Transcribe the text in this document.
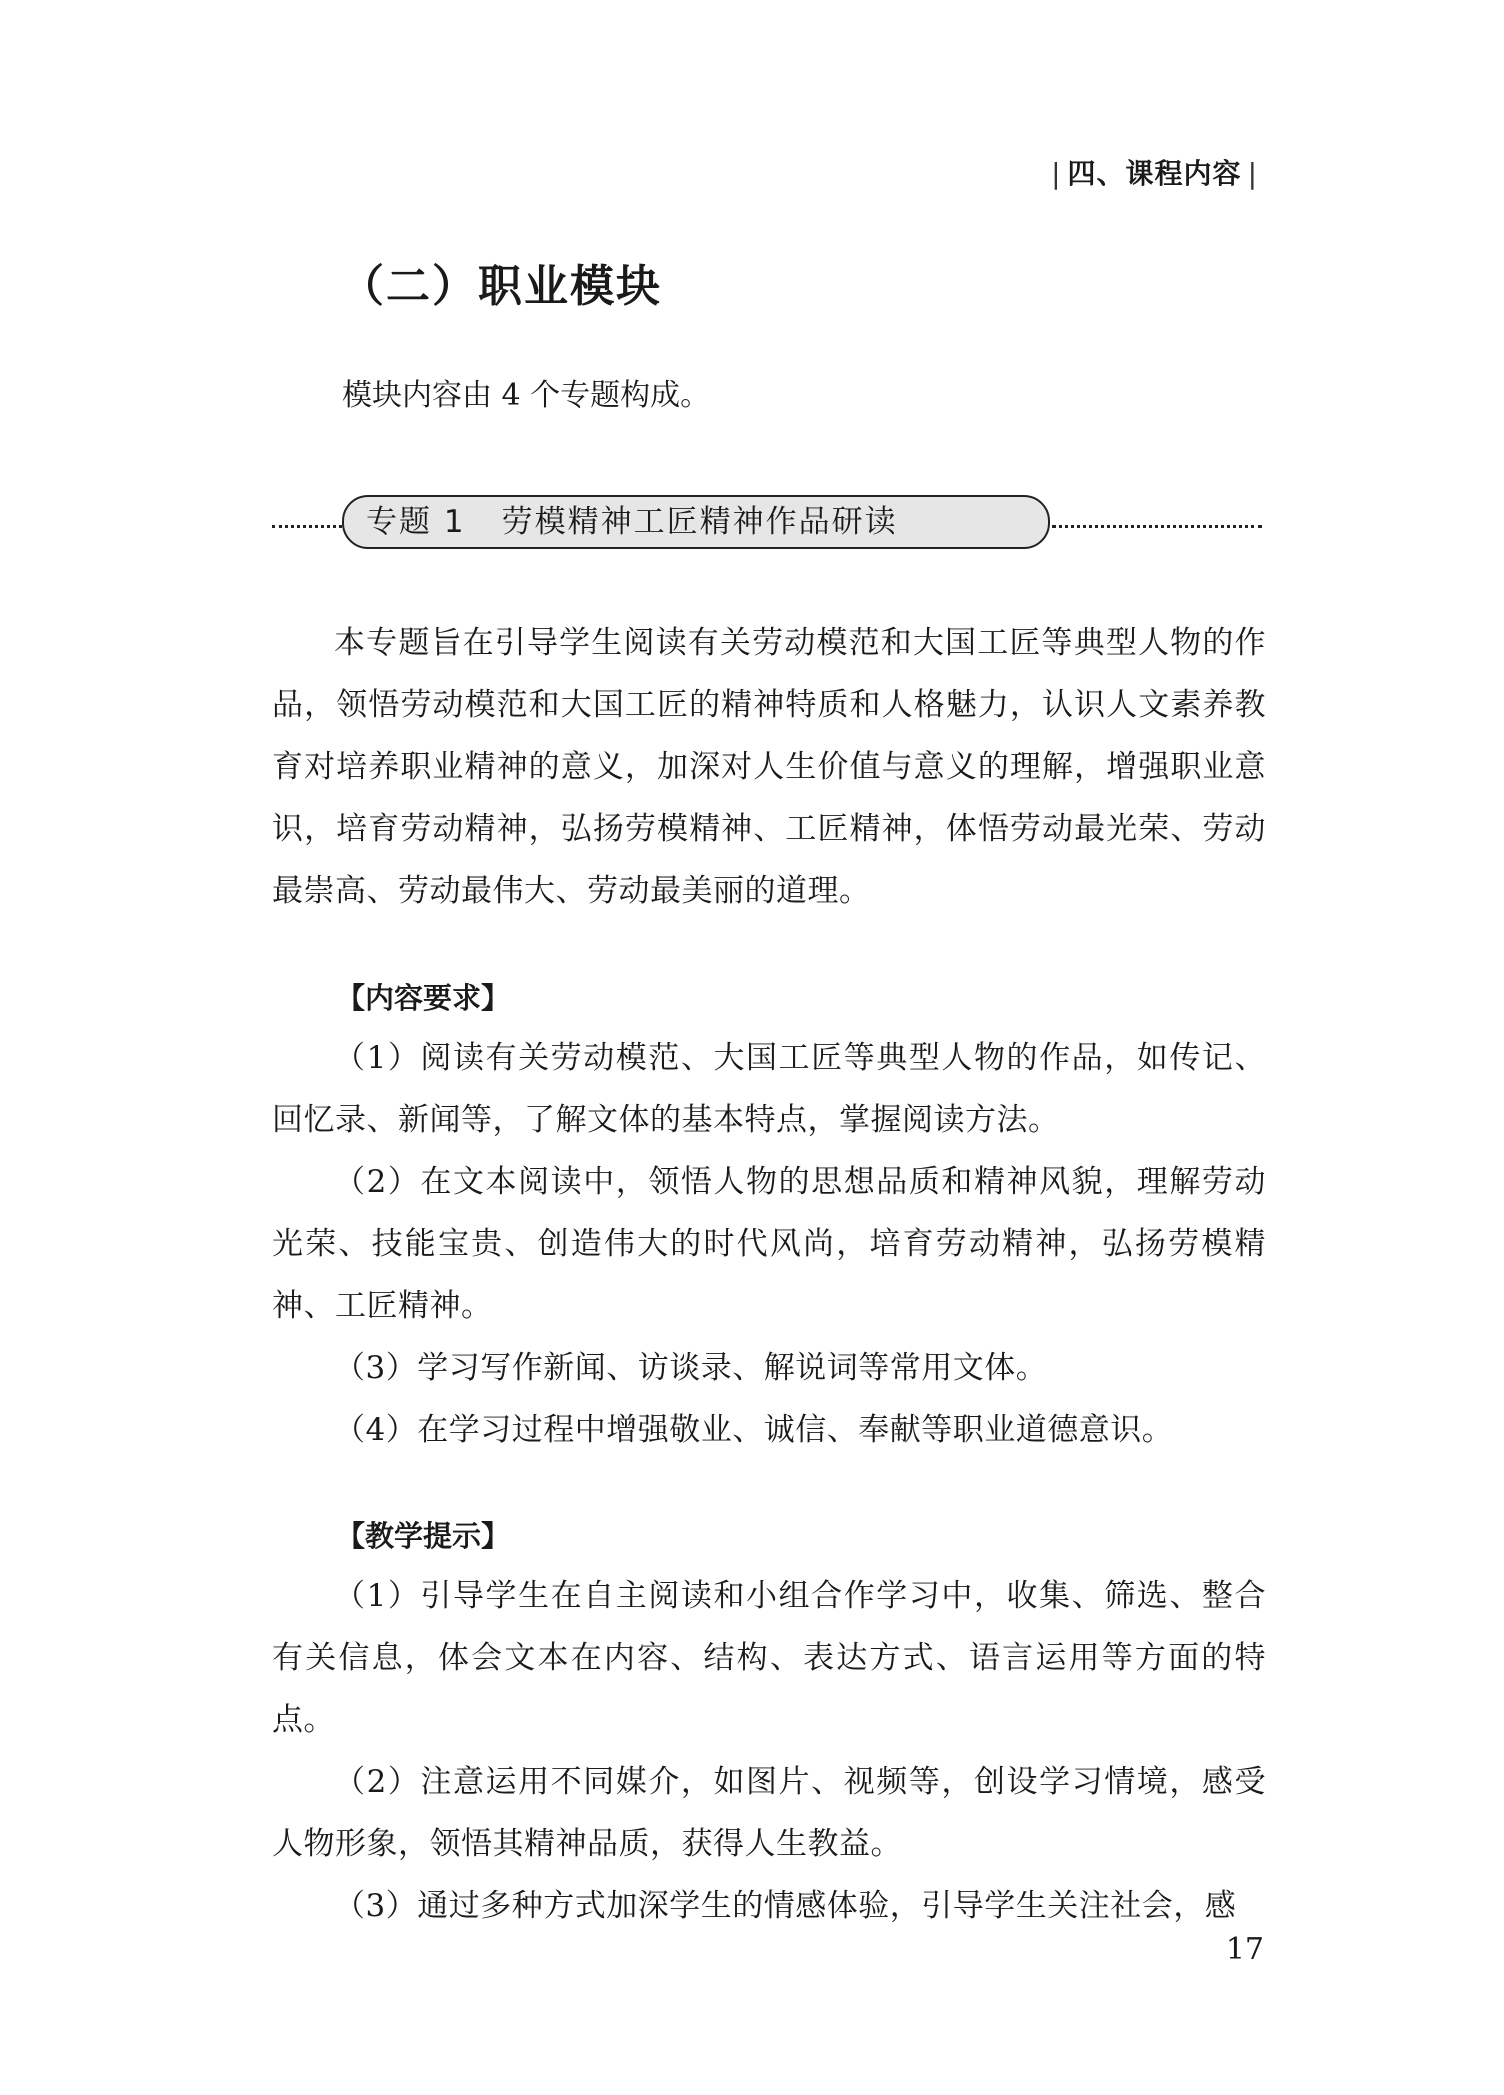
| 四、课程内容 |
（二）职业模块
模块内容由 4 个专题构成。
专题 1 劳模精神工匠精神作品研读

本专题旨在引导学生阅读有关劳动模范和大国工匠等典型人物的作品，领悟劳动模范和大国工匠的精神特质和人格魅力，认识人文素养教育对培养职业精神的意义，加深对人生价值与意义的理解，增强职业意识，培育劳动精神，弘扬劳模精神、工匠精神，体悟劳动最光荣、劳动最崇高、劳动最伟大、劳动最美丽的道理。

【内容要求】

（1）阅读有关劳动模范、大国工匠等典型人物的作品，如传记、回忆录、新闻等，了解文体的基本特点，掌握阅读方法。

（2）在文本阅读中，领悟人物的思想品质和精神风貌，理解劳动光荣、技能宝贵、创造伟大的时代风尚，培育劳动精神，弘扬劳模精神、工匠精神。

（3）学习写作新闻、访谈录、解说词等常用文体。

（4）在学习过程中增强敬业、诚信、奉献等职业道德意识。

【教学提示】

（1）引导学生在自主阅读和小组合作学习中，收集、筛选、整合有关信息，体会文本在内容、结构、表达方式、语言运用等方面的特点。

（2）注意运用不同媒介，如图片、视频等，创设学习情境，感受人物形象，领悟其精神品质，获得人生教益。

（3）通过多种方式加深学生的情感体验，引导学生关注社会，感

17
